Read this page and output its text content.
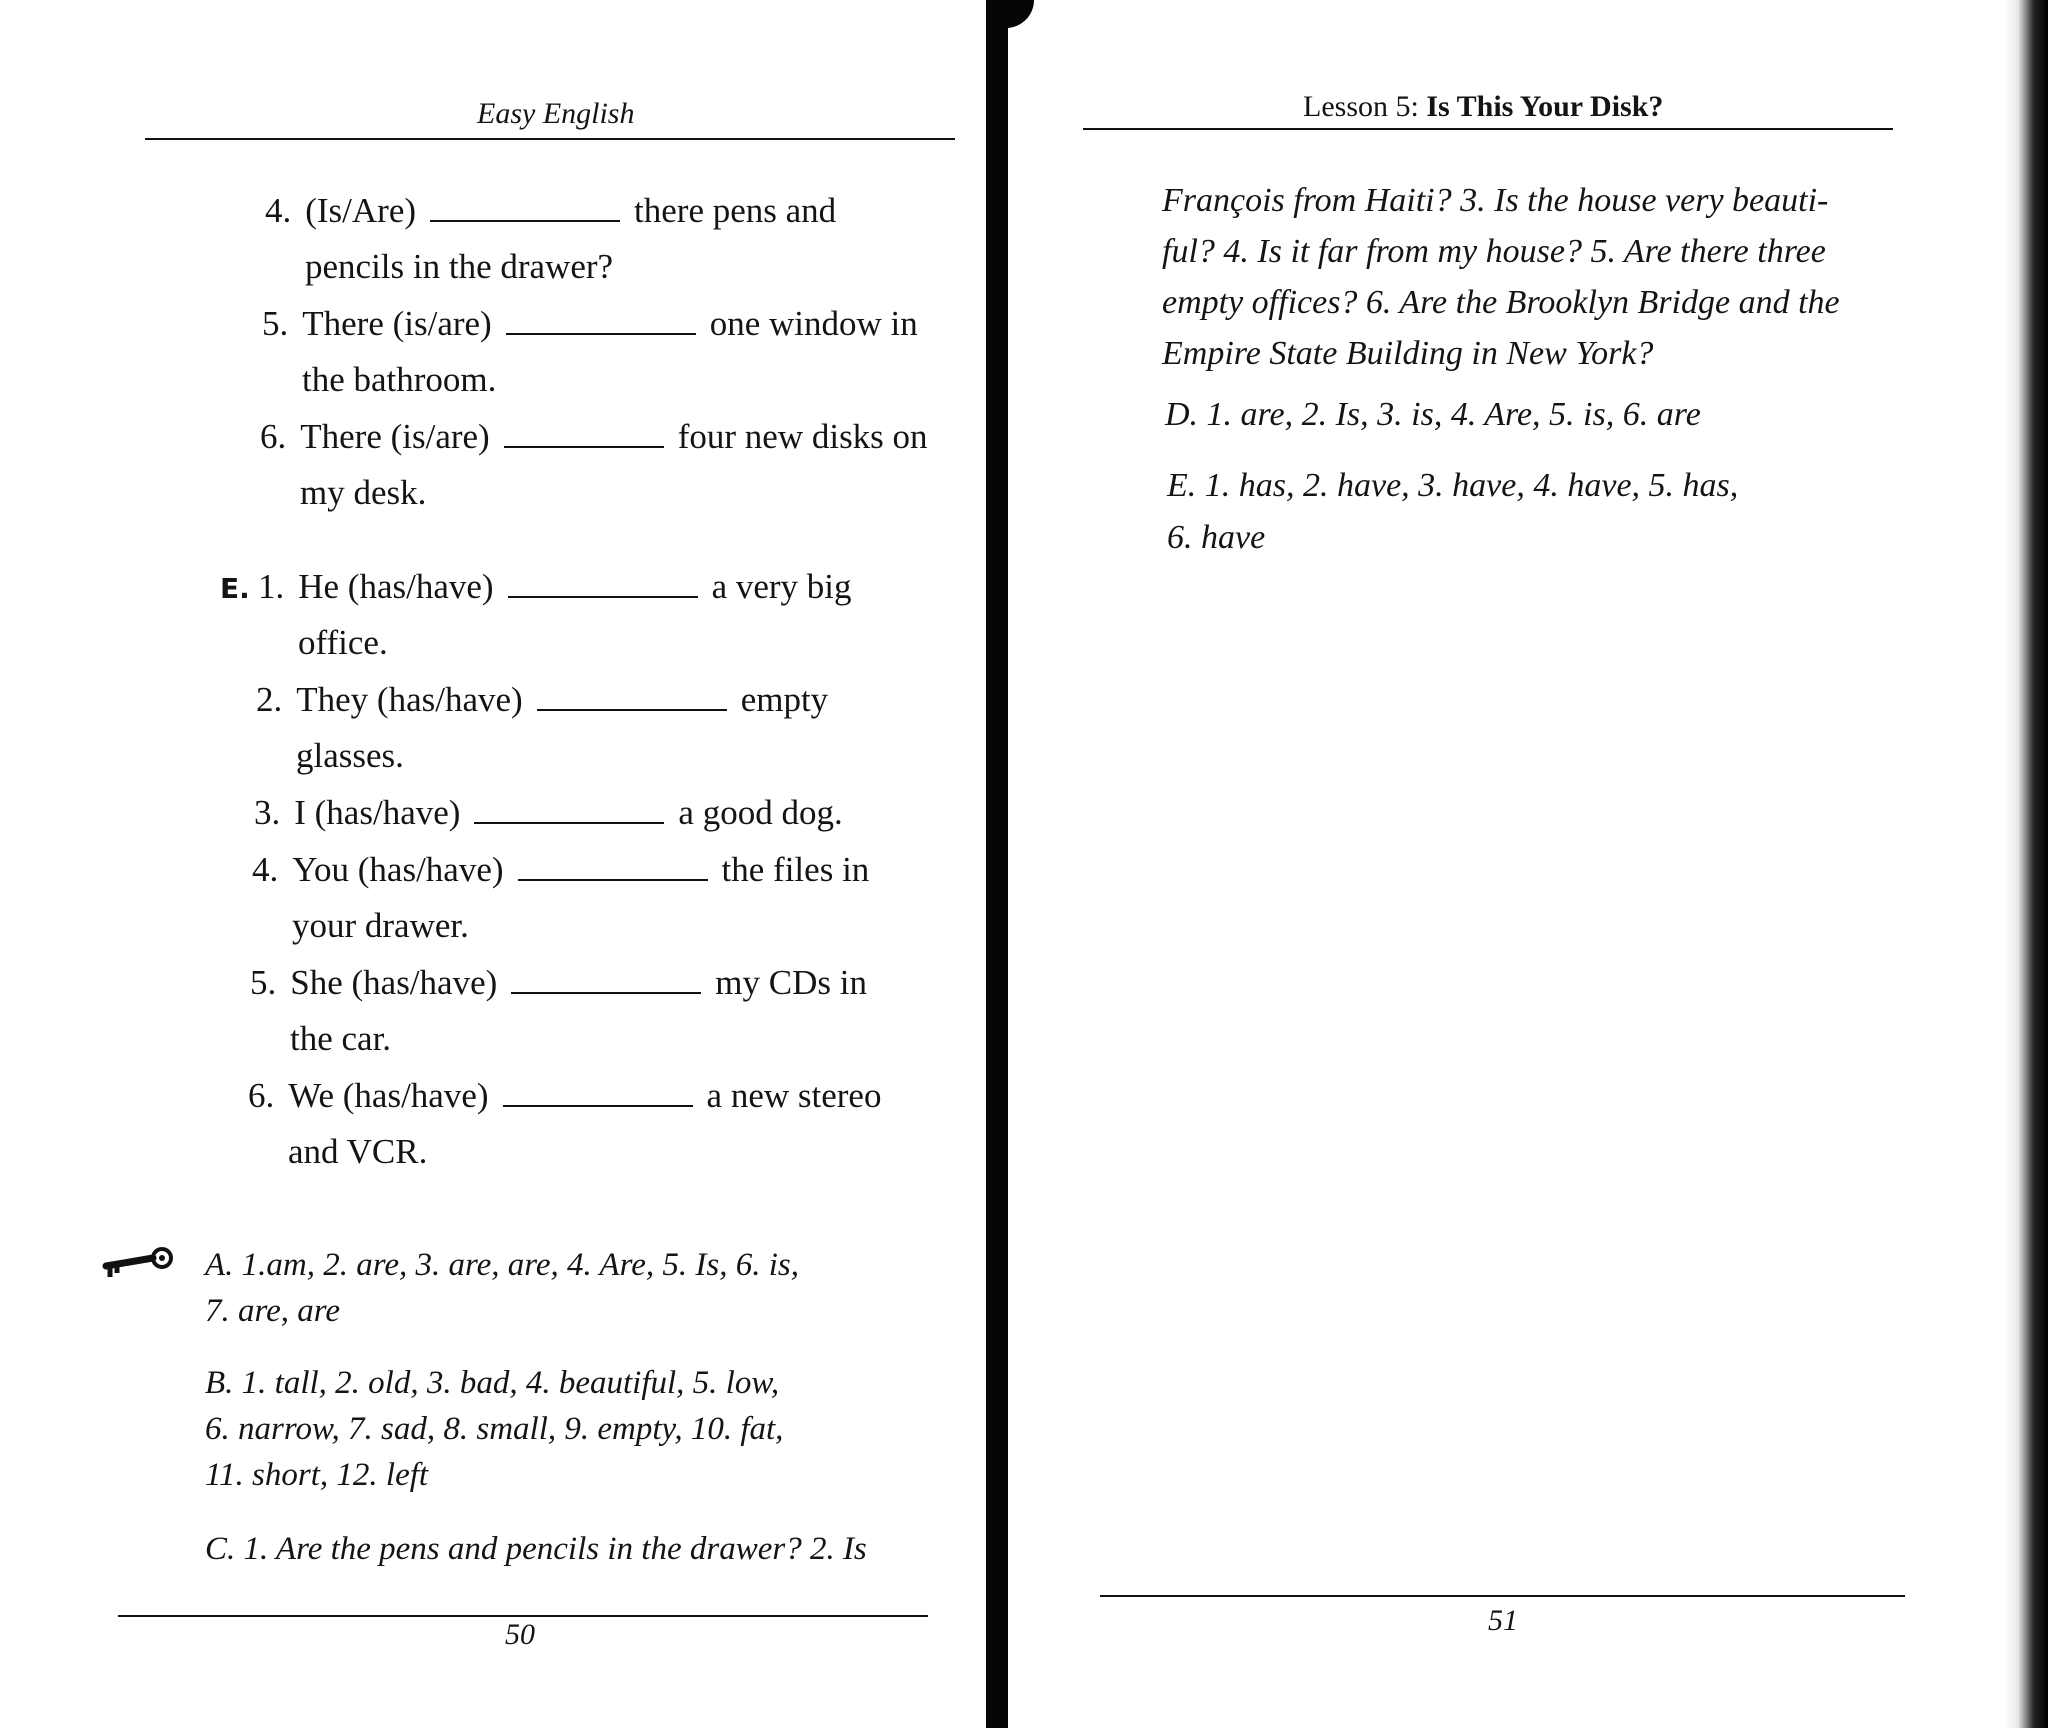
Easy English
4. (Is/Are)	there pens and
pencils in the drawer?
5. There (is/are)	one window in
the bathroom.
6. There (is/are)	four new disks on
my desk.
E. 1. He (has/have)	a very big
office.
2. They (has/have)	empty
glasses.
3. I (has/have)	a good dog.
4. You (has/have)	the files in
your drawer.
5. She (has/have)	my CDs in
the car.
6. We (has/have)	a new stereo
and VCR.
A. 1.am, 2. are, 3. are, are, 4. Are, 5. Is, 6. is,
7. are, are
B. 1. tall, 2. old, 3. bad, 4. beautiful, 5. low,
6. narrow, 7. sad, 8. small, 9. empty, 10. fat,
11. short, 12. left
C. 1. Are the pens and pencils in the drawer? 2. Is
50
Lesson 5: Is This Your Disk?
François from Haiti? 3. Is the house very beauti-
ful? 4. Is it far from my house? 5. Are there three
empty offices? 6. Are the Brooklyn Bridge and the
Empire State Building in New York?
D. 1. are, 2. Is, 3. is, 4. Are, 5. is, 6. are
E. 1. has, 2. have, 3. have, 4. have, 5. has,
6. have
51
